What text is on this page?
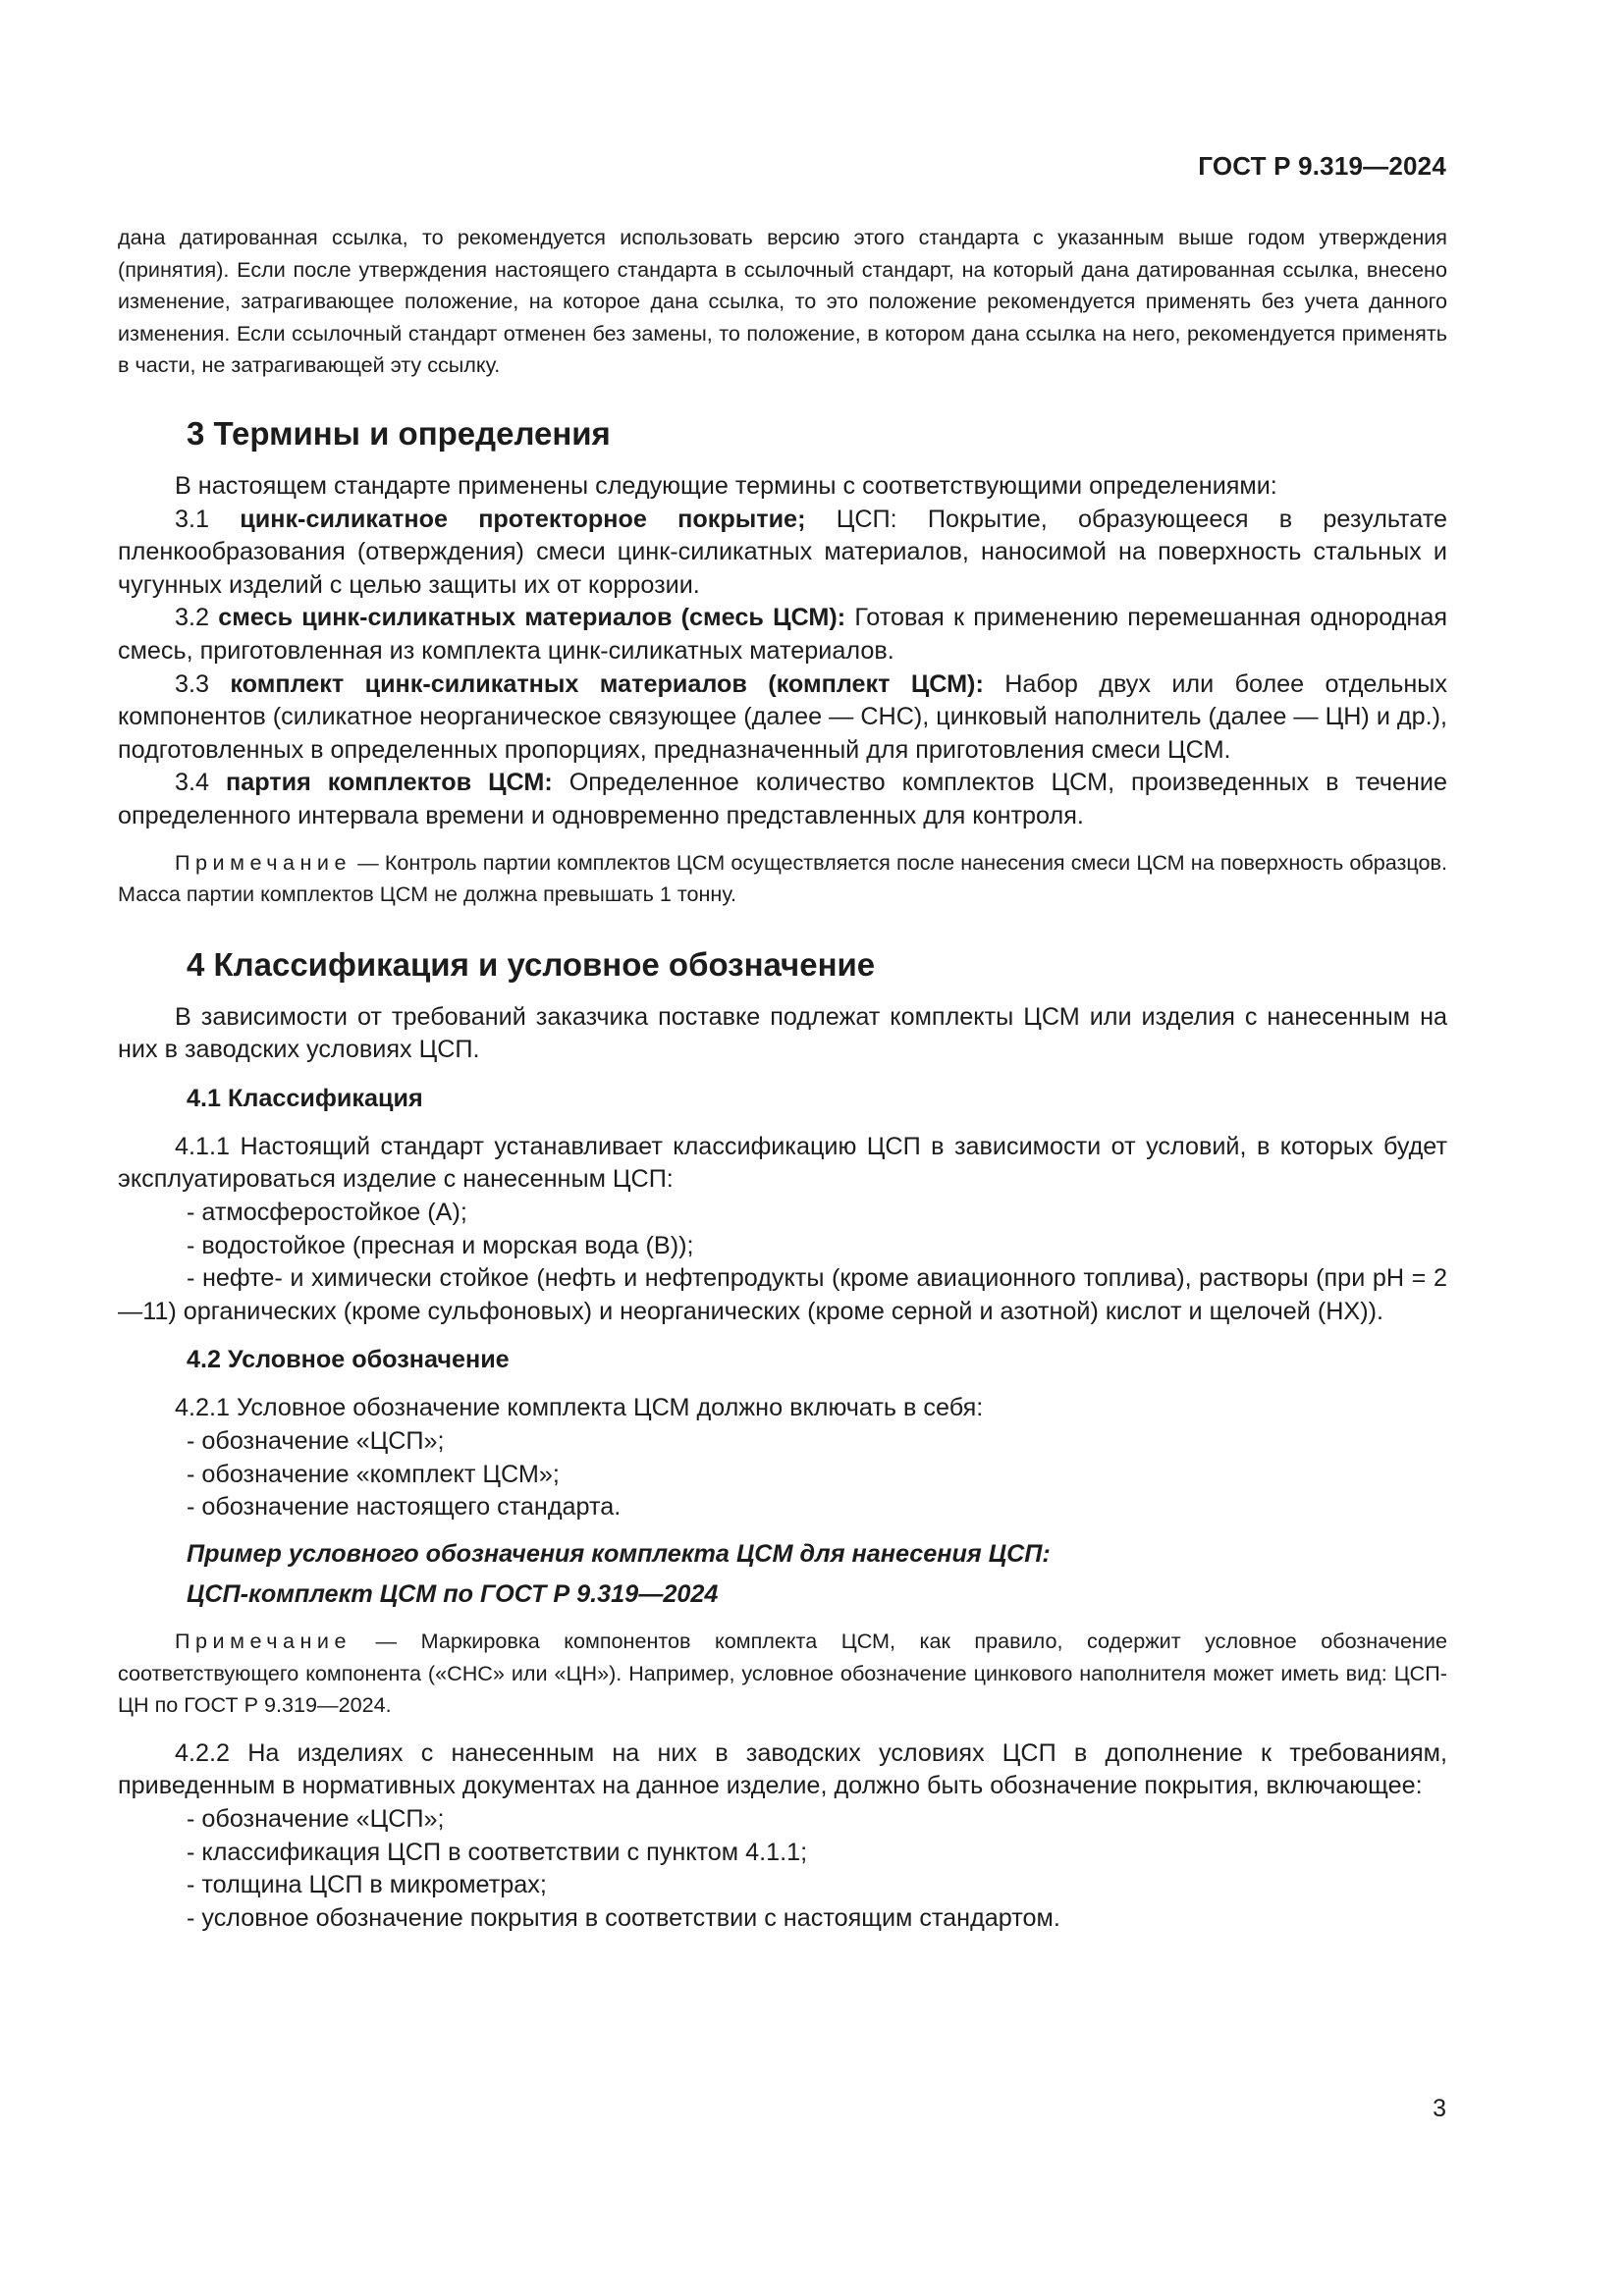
ГОСТ Р 9.319—2024

дана датированная ссылка, то рекомендуется использовать версию этого стандарта с указанным выше годом утверждения (принятия). Если после утверждения настоящего стандарта в ссылочный стандарт, на который дана датированная ссылка, внесено изменение, затрагивающее положение, на которое дана ссылка, то это положение рекомендуется применять без учета данного изменения. Если ссылочный стандарт отменен без замены, то положение, в котором дана ссылка на него, рекомендуется применять в части, не затрагивающей эту ссылку.

3 Термины и определения

В настоящем стандарте применены следующие термины с соответствующими определениями:

3.1 цинк-силикатное протекторное покрытие; ЦСП: Покрытие, образующееся в результате пленкообразования (отверждения) смеси цинк-силикатных материалов, наносимой на поверхность стальных и чугунных изделий с целью защиты их от коррозии.

3.2 смесь цинк-силикатных материалов (смесь ЦСМ): Готовая к применению перемешанная однородная смесь, приготовленная из комплекта цинк-силикатных материалов.

3.3 комплект цинк-силикатных материалов (комплект ЦСМ): Набор двух или более отдельных компонентов (силикатное неорганическое связующее (далее — СНС), цинковый наполнитель (далее — ЦН) и др.), подготовленных в определенных пропорциях, предназначенный для приготовления смеси ЦСМ.

3.4 партия комплектов ЦСМ: Определенное количество комплектов ЦСМ, произведенных в течение определенного интервала времени и одновременно представленных для контроля.

Примечание — Контроль партии комплектов ЦСМ осуществляется после нанесения смеси ЦСМ на поверхность образцов. Масса партии комплектов ЦСМ не должна превышать 1 тонну.

4 Классификация и условное обозначение

В зависимости от требований заказчика поставке подлежат комплекты ЦСМ или изделия с нанесенным на них в заводских условиях ЦСП.

4.1 Классификация

4.1.1 Настоящий стандарт устанавливает классификацию ЦСП в зависимости от условий, в которых будет эксплуатироваться изделие с нанесенным ЦСП:

- атмосферостойкое (А);

- водостойкое (пресная и морская вода (В));

- нефте- и химически стойкое (нефть и нефтепродукты (кроме авиационного топлива), растворы (при pH = 2—11) органических (кроме сульфоновых) и неорганических (кроме серной и азотной) кислот и щелочей (НХ)).

4.2 Условное обозначение

4.2.1 Условное обозначение комплекта ЦСМ должно включать в себя:

- обозначение «ЦСП»;

- обозначение «комплект ЦСМ»;

- обозначение настоящего стандарта.

Пример условного обозначения комплекта ЦСМ для нанесения ЦСП:

ЦСП-комплект ЦСМ по ГОСТ Р 9.319—2024

Примечание — Маркировка компонентов комплекта ЦСМ, как правило, содержит условное обозначение соответствующего компонента («СНС» или «ЦН»). Например, условное обозначение цинкового наполнителя может иметь вид: ЦСП-ЦН по ГОСТ Р 9.319—2024.

4.2.2 На изделиях с нанесенным на них в заводских условиях ЦСП в дополнение к требованиям, приведенным в нормативных документах на данное изделие, должно быть обозначение покрытия, включающее:

- обозначение «ЦСП»;

- классификация ЦСП в соответствии с пунктом 4.1.1;

- толщина ЦСП в микрометрах;

- условное обозначение покрытия в соответствии с настоящим стандартом.

3
